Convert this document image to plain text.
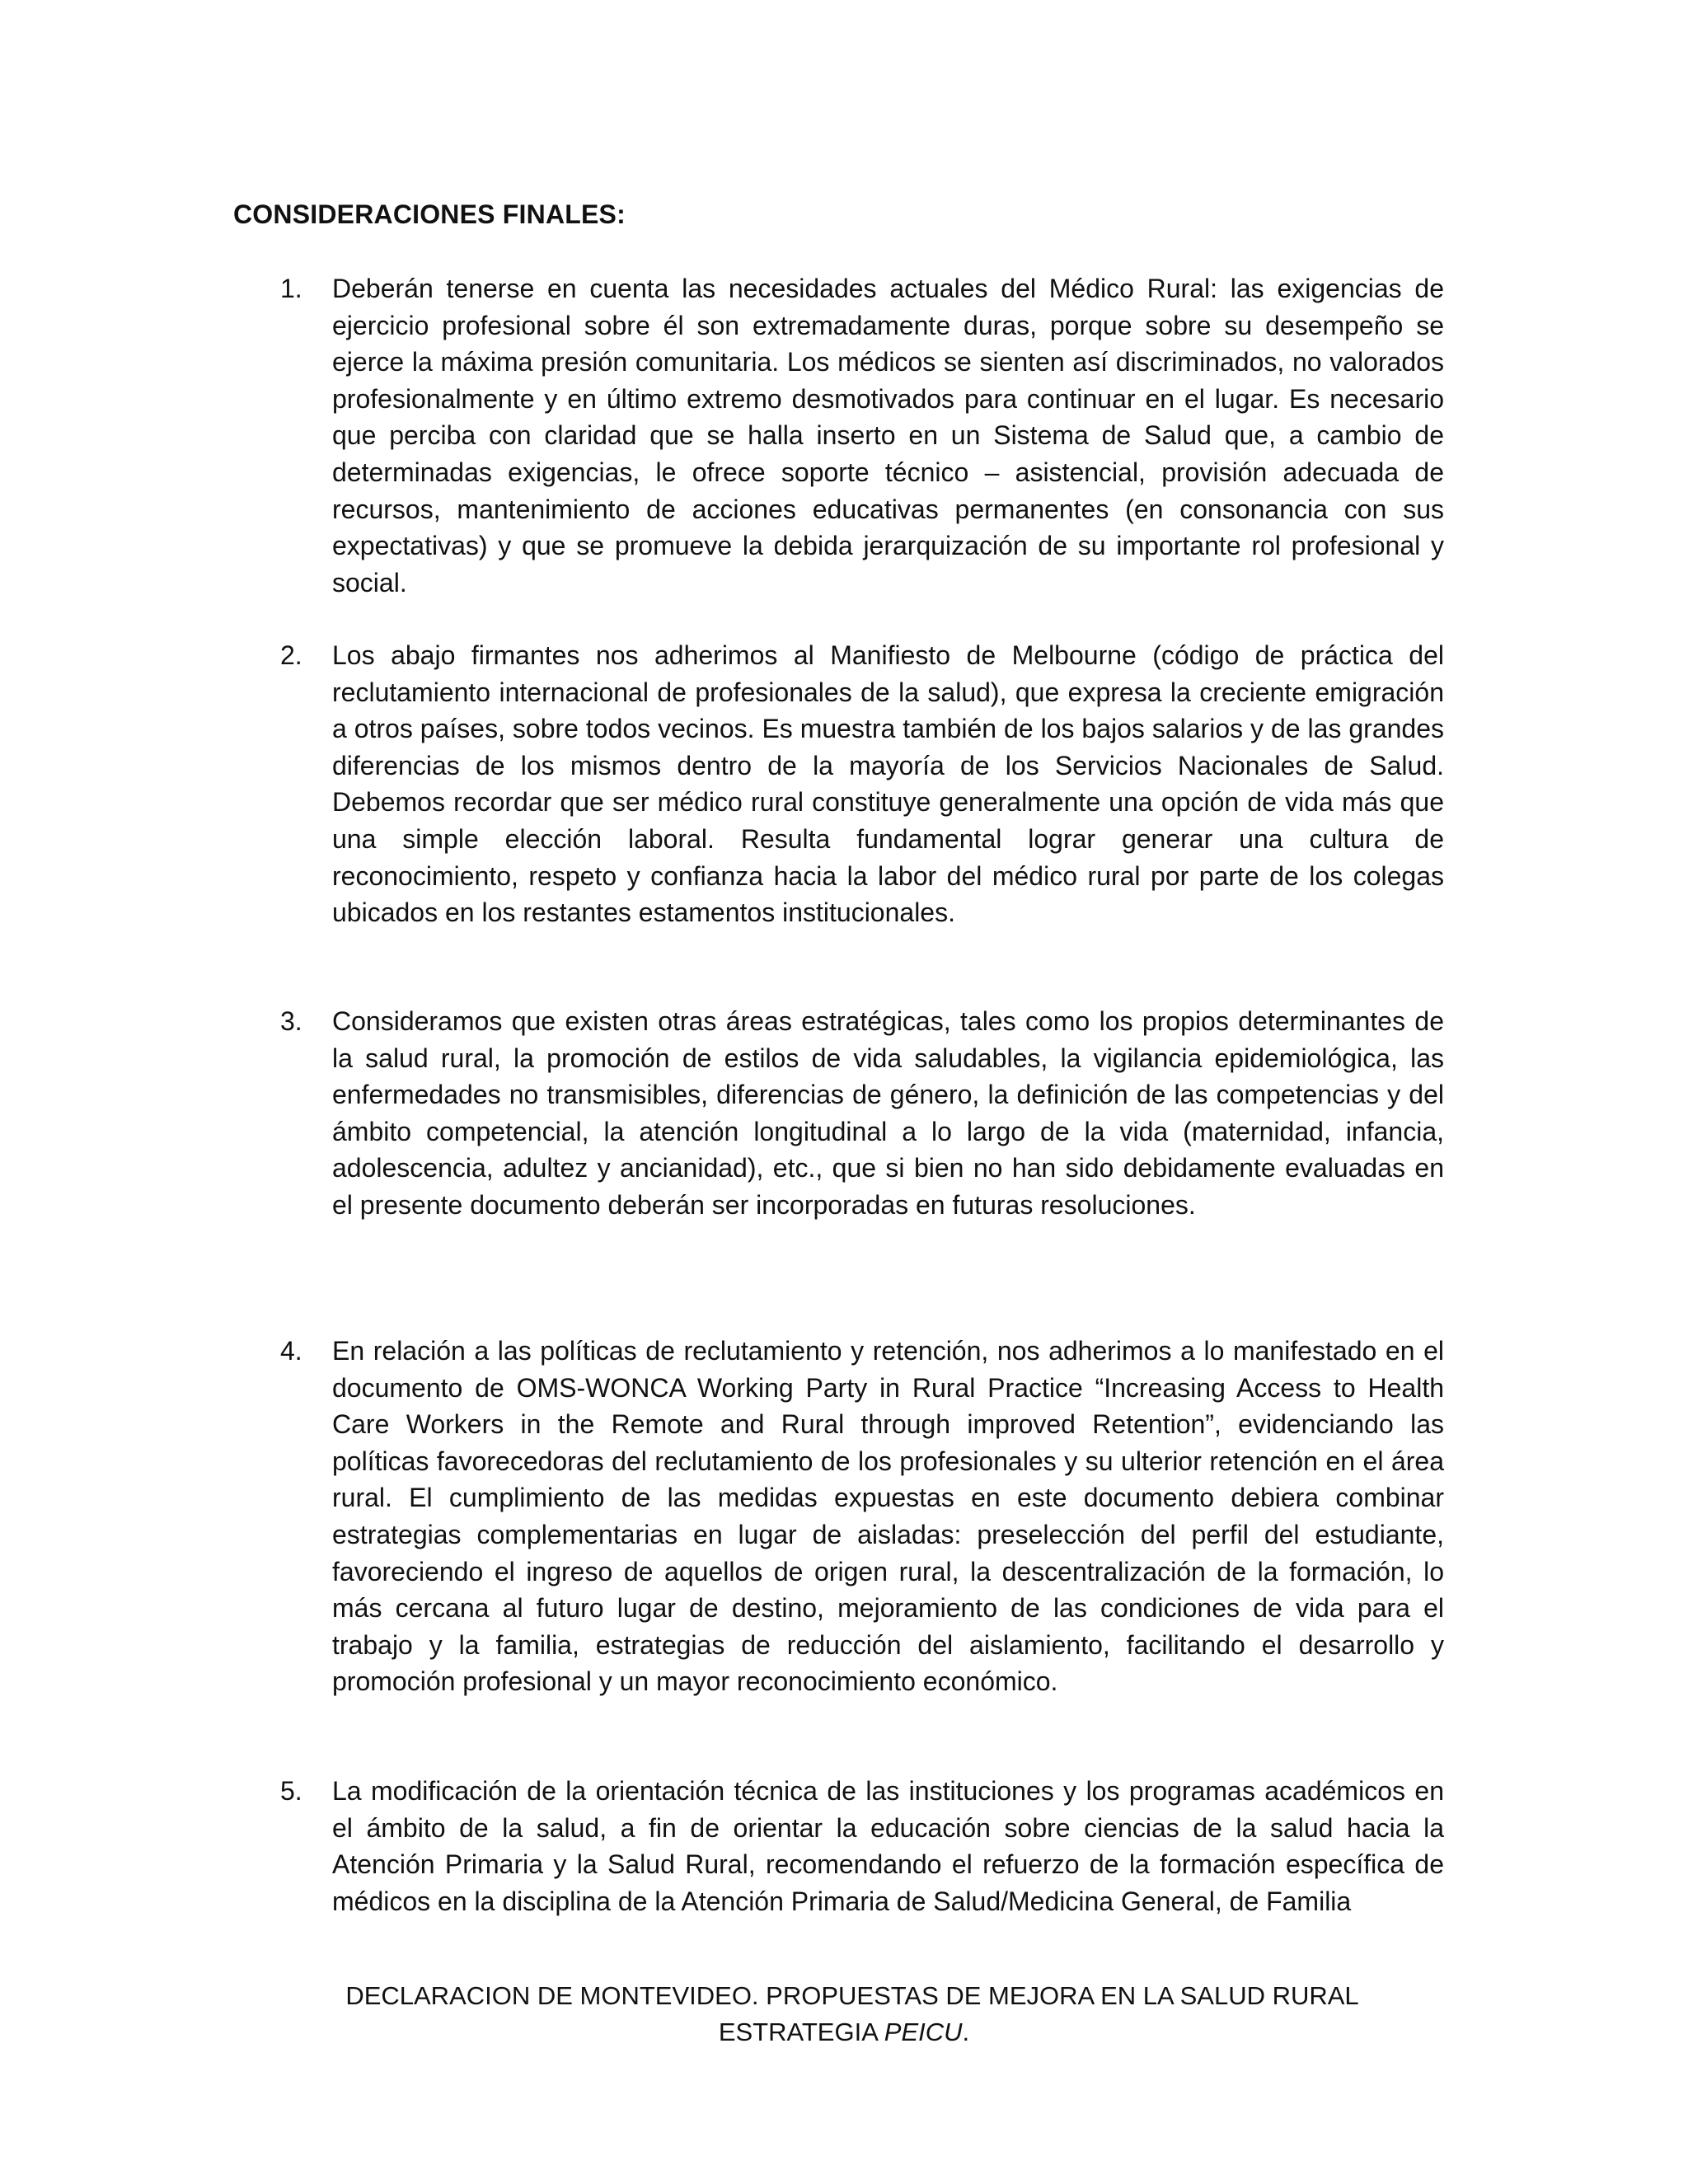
CONSIDERACIONES FINALES:
1.	Deberán tenerse en cuenta las necesidades actuales del Médico Rural: las exigencias de ejercicio profesional sobre él son extremadamente duras, porque sobre su desempeño se ejerce la máxima presión comunitaria. Los médicos se sienten así discriminados, no valorados profesionalmente y en último extremo desmotivados para continuar en el lugar. Es necesario que perciba con claridad que se halla inserto en un Sistema de Salud que, a cambio de determinadas exigencias, le ofrece soporte técnico – asistencial, provisión adecuada de recursos, mantenimiento de acciones educativas permanentes (en consonancia con sus expectativas) y que se promueve la debida jerarquización de su importante rol profesional y social.
2.	Los abajo firmantes nos adherimos al Manifiesto de Melbourne (código de práctica del reclutamiento internacional de profesionales de la salud), que expresa la creciente emigración a otros países, sobre todos vecinos. Es muestra también de los bajos salarios y de las grandes diferencias de los mismos dentro de la mayoría de los Servicios Nacionales de Salud. Debemos recordar que ser médico rural constituye generalmente una opción de vida más que una simple elección laboral. Resulta fundamental lograr generar una cultura de reconocimiento, respeto y confianza hacia la labor del médico rural por parte de los colegas ubicados en los restantes estamentos institucionales.
3.	Consideramos que existen otras áreas estratégicas, tales como los propios determinantes de la salud rural, la promoción de estilos de vida saludables, la vigilancia epidemiológica, las enfermedades no transmisibles, diferencias de género, la definición de las competencias y del ámbito competencial, la atención longitudinal a lo largo de la vida (maternidad, infancia, adolescencia, adultez y ancianidad), etc., que si bien no han sido debidamente evaluadas en el presente documento deberán ser incorporadas en futuras resoluciones.
4.	En relación a las políticas de reclutamiento y retención, nos adherimos a lo manifestado en el documento de OMS-WONCA Working Party in Rural Practice “Increasing Access to Health Care Workers in the Remote and Rural through improved Retention”, evidenciando las políticas favorecedoras del reclutamiento de los profesionales y su ulterior retención en el área rural. El cumplimiento de las medidas expuestas en este documento debiera combinar estrategias complementarias en lugar de aisladas: preselección del perfil del estudiante, favoreciendo el ingreso de aquellos de origen rural, la descentralización de la formación, lo más cercana al futuro lugar de destino, mejoramiento de las condiciones de vida para el trabajo y la familia, estrategias de reducción del aislamiento, facilitando el desarrollo y promoción profesional y un mayor reconocimiento económico.
5.	La modificación de la orientación técnica de las instituciones y los programas académicos en el ámbito de la salud, a fin de orientar la educación sobre ciencias de la salud hacia la Atención Primaria y la Salud Rural, recomendando el refuerzo de la formación específica de médicos en la disciplina de la Atención Primaria de Salud/Medicina General, de Familia
DECLARACION DE MONTEVIDEO. PROPUESTAS DE MEJORA EN LA SALUD RURAL
ESTRATEGIA PEICU.
